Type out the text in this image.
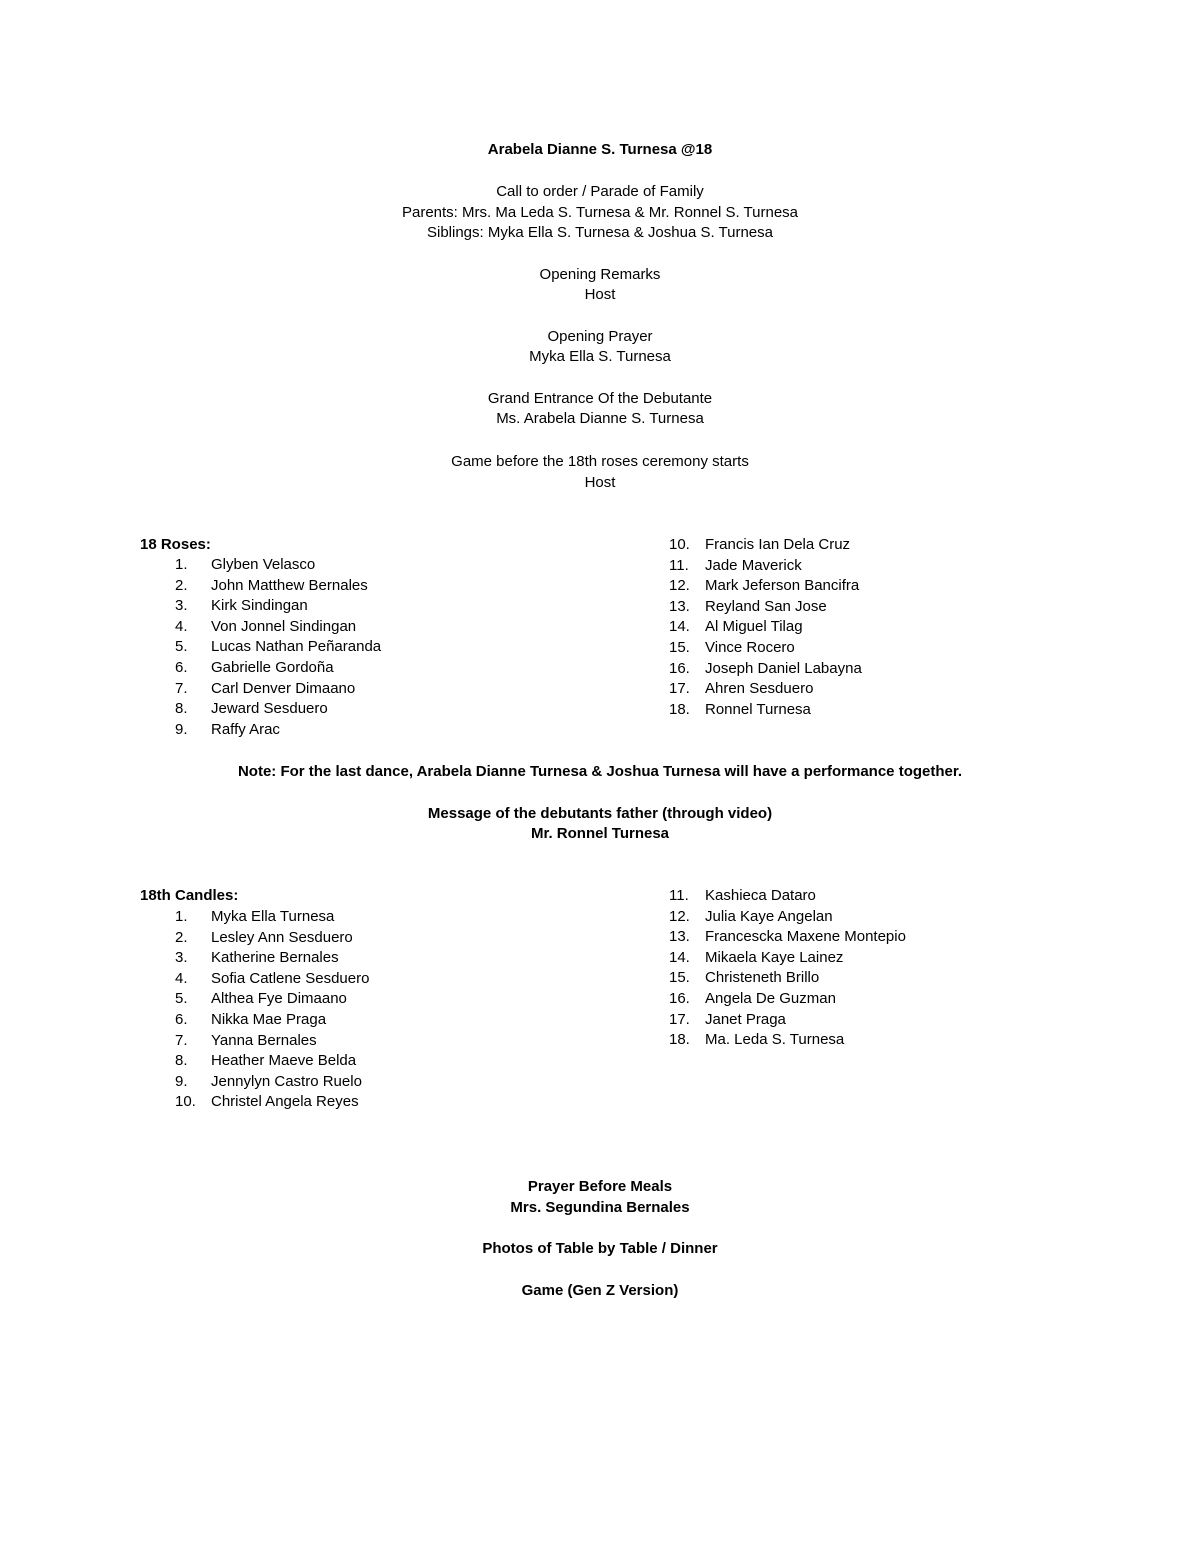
Arabela Dianne S. Turnesa @18
Call to order / Parade of Family
Parents: Mrs. Ma Leda S. Turnesa & Mr. Ronnel S. Turnesa
Siblings: Myka Ella S. Turnesa & Joshua S. Turnesa
Opening Remarks
Host
Opening Prayer
Myka Ella S. Turnesa
Grand Entrance Of the Debutante
Ms. Arabela Dianne S. Turnesa
Game before the 18th roses ceremony starts
Host
18 Roses:
1. Glyben Velasco
2. John Matthew Bernales
3. Kirk Sindingan
4. Von Jonnel Sindingan
5. Lucas Nathan Peñaranda
6. Gabrielle Gordoña
7. Carl Denver Dimaano
8. Jeward Sesduero
9. Raffy Arac
10. Francis Ian Dela Cruz
11. Jade Maverick
12. Mark Jeferson Bancifra
13. Reyland San Jose
14. Al Miguel Tilag
15. Vince Rocero
16. Joseph Daniel Labayna
17. Ahren Sesduero
18. Ronnel Turnesa
Note: For the last dance, Arabela Dianne Turnesa & Joshua Turnesa will have a performance together.
Message of the debutants father (through video)
Mr. Ronnel Turnesa
18th Candles:
1. Myka Ella Turnesa
2. Lesley Ann Sesduero
3. Katherine Bernales
4. Sofia Catlene Sesduero
5. Althea Fye Dimaano
6. Nikka Mae Praga
7. Yanna Bernales
8. Heather Maeve Belda
9. Jennylyn Castro Ruelo
10. Christel Angela Reyes
11. Kashieca Dataro
12. Julia Kaye Angelan
13. Francescka Maxene Montepio
14. Mikaela Kaye Lainez
15. Christeneth Brillo
16. Angela De Guzman
17. Janet Praga
18. Ma. Leda S. Turnesa
Prayer Before Meals
Mrs. Segundina Bernales
Photos of Table by Table / Dinner
Game (Gen Z Version)
